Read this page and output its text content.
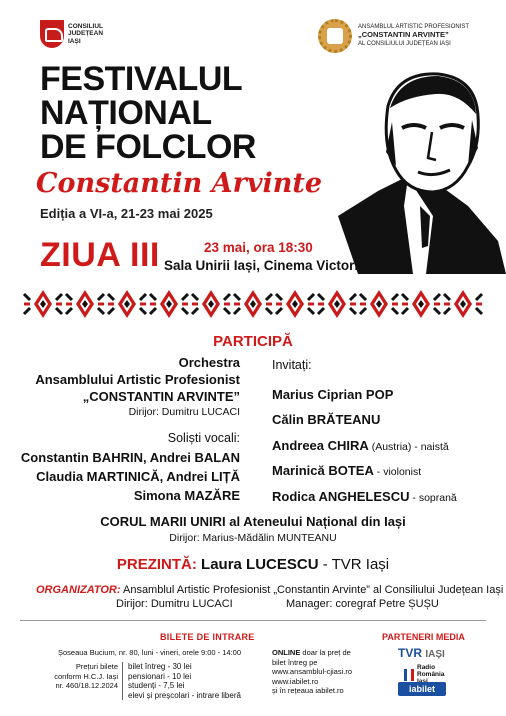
CONSILIUL
JUDEȚEAN
IAȘI
ANSAMBLUL ARTISTIC PROFESIONIST
„CONSTANTIN ARVINTE”
AL CONSILIULUI JUDEȚEAN IAȘI
FESTIVALUL
NAȚIONAL
DE FOLCLOR
Constantin Arvinte
Ediția a VI-a, 21-23 mai 2025
ZIUA III	23 mai, ora 18:30
Sala Unirii Iași, Cinema Victoria
PARTICIPĂ
Orchestra
Ansamblului Artistic Profesionist
„CONSTANTIN ARVINTE”
Dirijor: Dumitru LUCACI
Soliști vocali:
Constantin BAHRIN, Andrei BALAN
Claudia MARTINICĂ, Andrei LIȚĂ
Simona MAZĂRE
Invitați:
Marius Ciprian POP
Călin BRĂTEANU
Andreea CHIRA (Austria) - naistă
Marinică BOTEA - violonist
Rodica ANGHELESCU - soprană
CORUL MARII UNIRI al Ateneului Național din Iași
Dirijor: Marius-Mădălin MUNTEANU
PREZINTĂ: Laura LUCESCU - TVR Iași
ORGANIZATOR: Ansamblul Artistic Profesionist „Constantin Arvinte” al Consiliului Județean Iași
Dirijor: Dumitru LUCACI	Manager: coregraf Petre ȘUȘU
BILETE DE INTRARE
Șoseaua Bucium, nr. 80, luni - vineri, orele 9:00 - 14:00
Prețuri bilete
conform H.C.J. Iași
nr. 460/18.12.2024
bilet întreg - 30 lei
pensionari - 10 lei
studenți - 7,5 lei
elevi și preșcolari - intrare liberă
ONLINE doar la preț de
bilet întreg pe
www.ansamblul-cjiasi.ro
www.iabilet.ro
și în rețeaua iabilet.ro
PARTENERI MEDIA
TVR IAȘI
Radio
România
iabilet
